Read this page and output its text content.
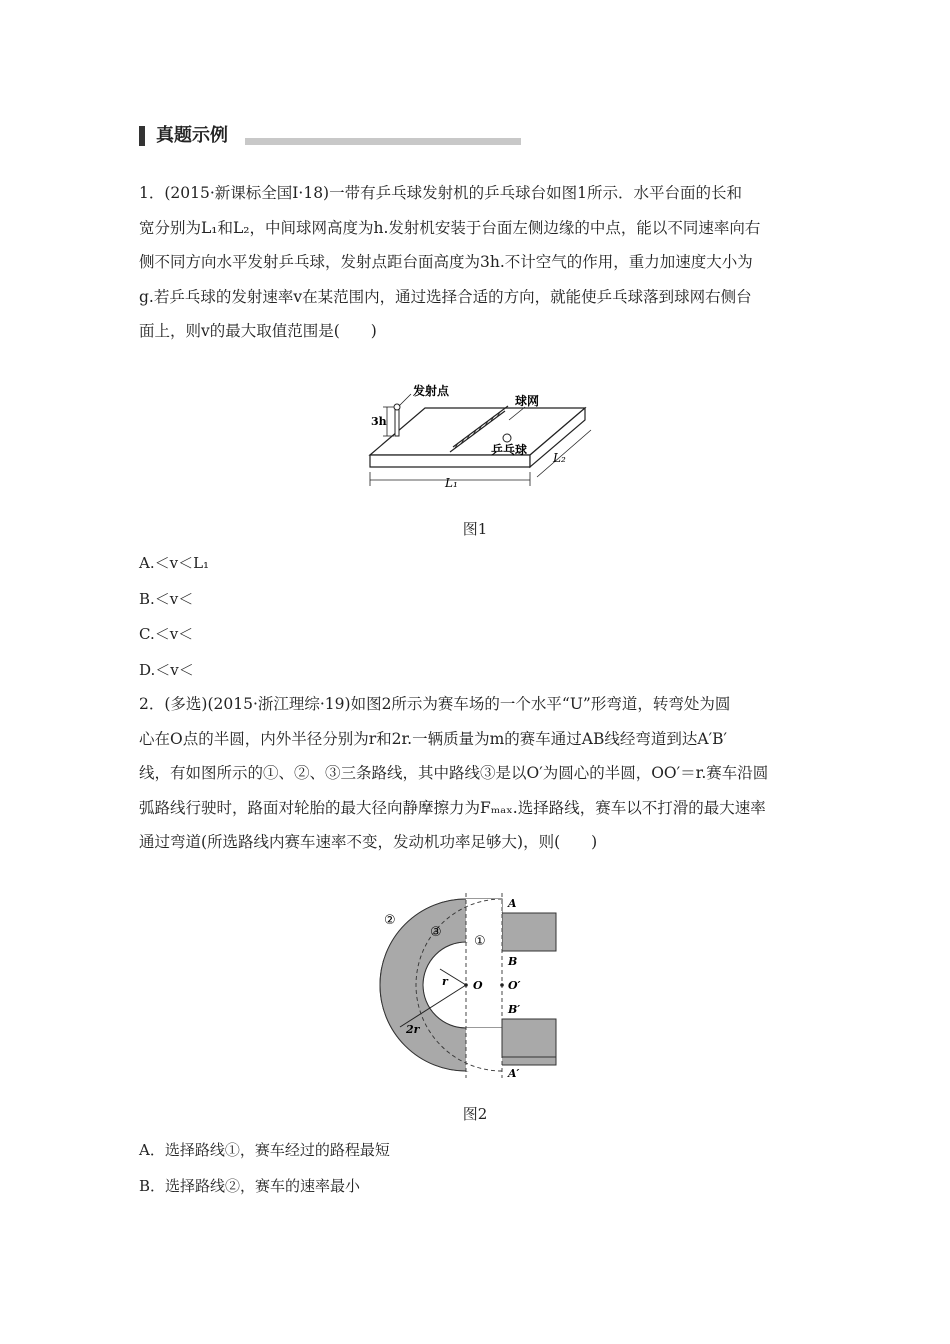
真题示例
1．(2015·新课标全国Ⅰ·18)一带有乒乓球发射机的乒乓球台如图1所示．水平台面的长和
宽分别为L₁和L₂，中间球网高度为h.发射机安装于台面左侧边缘的中点，能以不同速率向右
侧不同方向水平发射乒乓球，发射点距台面高度为3h.不计空气的作用，重力加速度大小为
g.若乒乓球的发射速率v在某范围内，通过选择合适的方向，就能使乒乓球落到球网右侧台
面上，则v的最大取值范围是(　　)
3h
发射点
球网
乒乓球
L₁
L₂
图1
A.＜v＜L₁
B.＜v＜
C.＜v＜
D.＜v＜
2．(多选)(2015·浙江理综·19)如图2所示为赛车场的一个水平“U”形弯道，转弯处为圆
心在O点的半圆，内外半径分别为r和2r.一辆质量为m的赛车通过AB线经弯道到达A′B′
线，有如图所示的①、②、③三条路线，其中路线③是以O′为圆心的半圆，OO′＝r.赛车沿圆
弧路线行驶时，路面对轮胎的最大径向静摩擦力为Fₘₐₓ.选择路线，赛车以不打滑的最大速率
通过弯道(所选路线内赛车速率不变，发动机功率足够大)，则(　　)
r
2r
O O′
A
B
B′
A′
①
②
③
图2
A．选择路线①，赛车经过的路程最短
B．选择路线②，赛车的速率最小
